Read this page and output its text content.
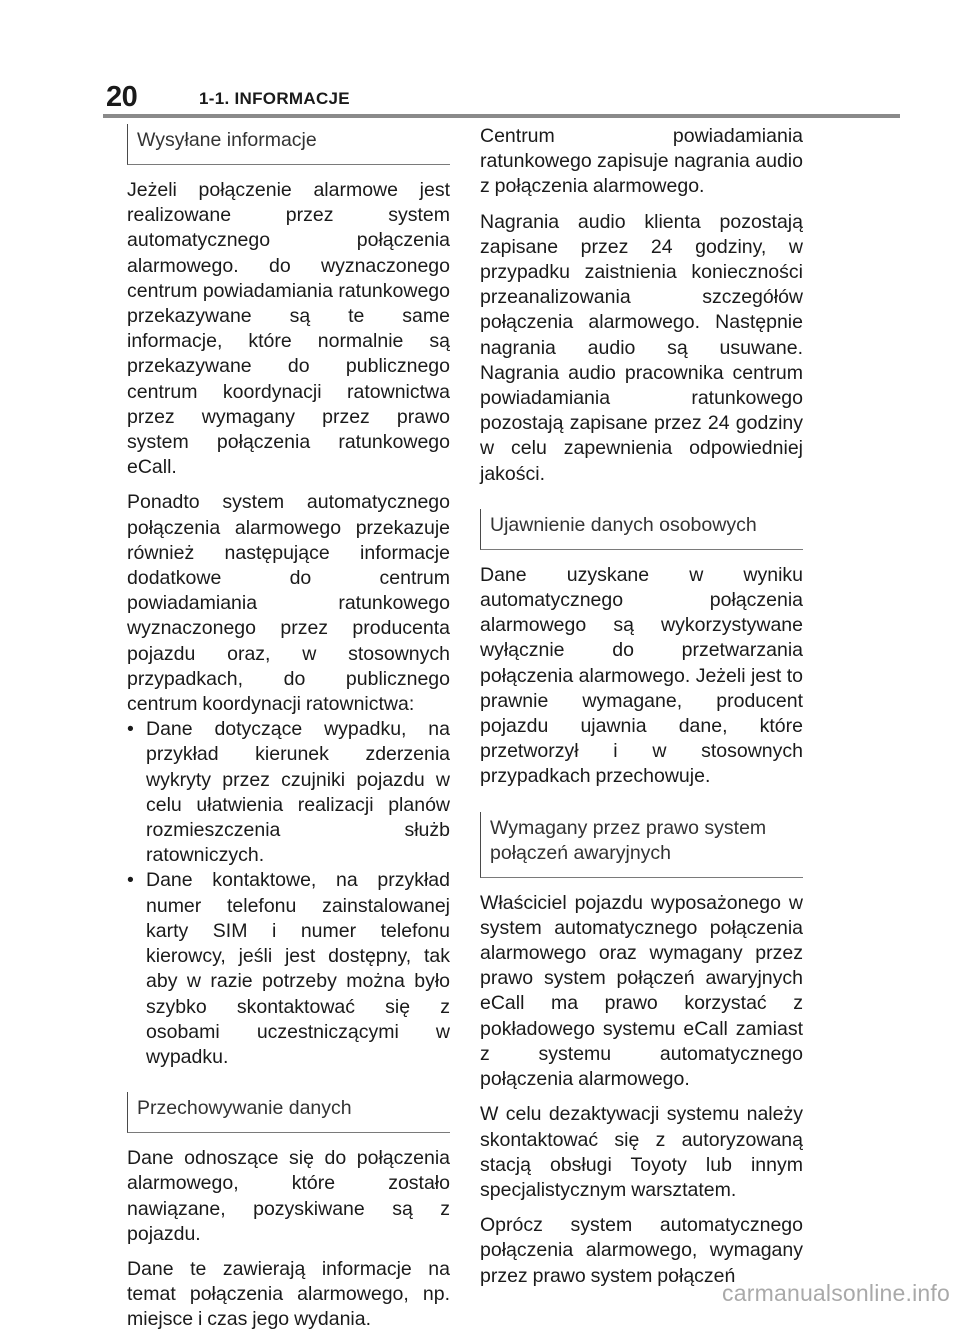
20	1-1. INFORMACJE
Wysyłane informacje

Jeżeli połączenie alarmowe jest realizowane przez system automatycznego połączenia alarmowego. do wyznaczonego centrum powiadamiania ratunkowego przekazywane są te same informacje, które normalnie są przekazywane do publicznego centrum koordynacji ratownictwa przez wymagany przez prawo system połączenia ratunkowego eCall.

Ponadto system automatycznego połączenia alarmowego przekazuje również następujące informacje dodatkowe do centrum powiadamiania ratunkowego wyznaczonego przez producenta pojazdu oraz, w stosownych przypadkach, do publicznego centrum koordynacji ratownictwa:

• Dane dotyczące wypadku, na przykład kierunek zderzenia wykryty przez czujniki pojazdu w celu ułatwienia realizacji planów rozmieszczenia służb ratowniczych.
• Dane kontaktowe, na przykład numer telefonu zainstalowanej karty SIM i numer telefonu kierowcy, jeśli jest dostępny, tak aby w razie potrzeby można było szybko skontaktować się z osobami uczestniczącymi w wypadku.
Przechowywanie danych

Dane odnoszące się do połączenia alarmowego, które zostało nawiązane, pozyskiwane są z pojazdu.

Dane te zawierają informacje na temat połączenia alarmowego, np. miejsce i czas jego wydania.

Centrum powiadamiania ratunkowego zapisuje nagrania audio z połączenia alarmowego.

Nagrania audio klienta pozostają zapisane przez 24 godziny, w przypadku zaistnienia konieczności przeanalizowania szczegółów połączenia alarmowego. Następnie nagrania audio są usuwane. Nagrania audio pracownika centrum powiadamiania ratunkowego pozostają zapisane przez 24 godziny w celu zapewnienia odpowiedniej jakości.

Ujawnienie danych osobowych

Dane uzyskane w wyniku automatycznego połączenia alarmowego są wykorzystywane wyłącznie do przetwarzania połączenia alarmowego. Jeżeli jest to prawnie wymagane, producent pojazdu ujawnia dane, które przetworzył i w stosownych przypadkach przechowuje.

Wymagany przez prawo system połączeń awaryjnych

Właściciel pojazdu wyposażonego w system automatycznego połączenia alarmowego oraz wymagany przez prawo system połączeń awaryjnych eCall ma prawo korzystać z pokładowego systemu eCall zamiast z systemu automatycznego połączenia alarmowego.

W celu dezaktywacji systemu należy skontaktować się z autoryzowaną stacją obsługi Toyoty lub innym specjalistycznym warsztatem.

Oprócz system automatycznego połączenia alarmowego, wymagany przez prawo system połączeń

carmanualsonline.info
